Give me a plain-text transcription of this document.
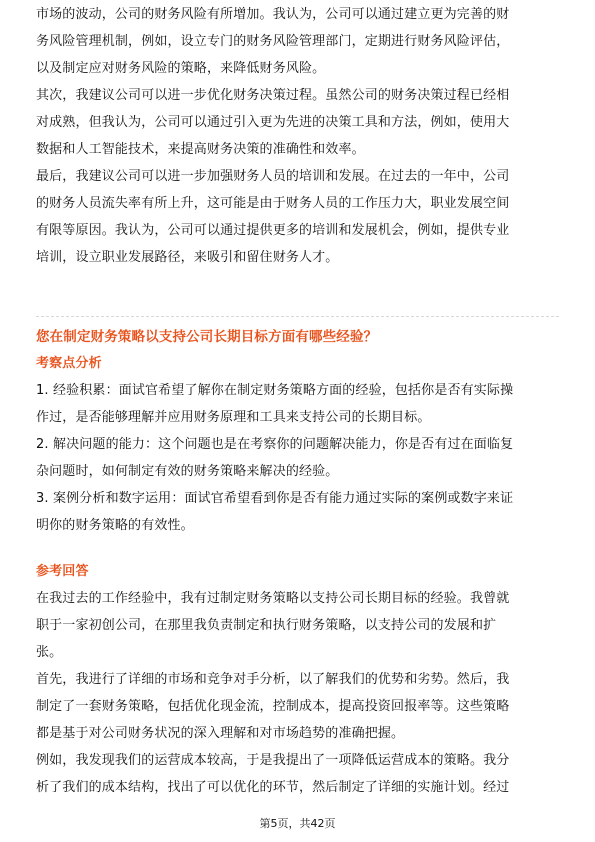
市场的波动，公司的财务风险有所增加。我认为，公司可以通过建立更为完善的财
务风险管理机制，例如，设立专门的财务风险管理部门，定期进行财务风险评估，
以及制定应对财务风险的策略，来降低财务风险。
其次，我建议公司可以进一步优化财务决策过程。虽然公司的财务决策过程已经相
对成熟，但我认为，公司可以通过引入更为先进的决策工具和方法，例如，使用大
数据和人工智能技术，来提高财务决策的准确性和效率。
最后，我建议公司可以进一步加强财务人员的培训和发展。在过去的一年中，公司
的财务人员流失率有所上升，这可能是由于财务人员的工作压力大，职业发展空间
有限等原因。我认为，公司可以通过提供更多的培训和发展机会，例如，提供专业
培训，设立职业发展路径，来吸引和留住财务人才。
您在制定财务策略以支持公司长期目标方面有哪些经验？
考察点分析
1. 经验积累：面试官希望了解你在制定财务策略方面的经验，包括你是否有实际操
作过，是否能够理解并应用财务原理和工具来支持公司的长期目标。
2. 解决问题的能力：这个问题也是在考察你的问题解决能力，你是否有过在面临复
杂问题时，如何制定有效的财务策略来解决的经验。
3. 案例分析和数字运用：面试官希望看到你是否有能力通过实际的案例或数字来证
明你的财务策略的有效性。
参考回答
在我过去的工作经验中，我有过制定财务策略以支持公司长期目标的经验。我曾就
职于一家初创公司，在那里我负责制定和执行财务策略，以支持公司的发展和扩
张。
首先，我进行了详细的市场和竞争对手分析，以了解我们的优势和劣势。然后，我
制定了一套财务策略，包括优化现金流，控制成本，提高投资回报率等。这些策略
都是基于对公司财务状况的深入理解和对市场趋势的准确把握。
例如，我发现我们的运营成本较高，于是我提出了一项降低运营成本的策略。我分
析了我们的成本结构，找出了可以优化的环节，然后制定了详细的实施计划。经过
第5页，共42页
